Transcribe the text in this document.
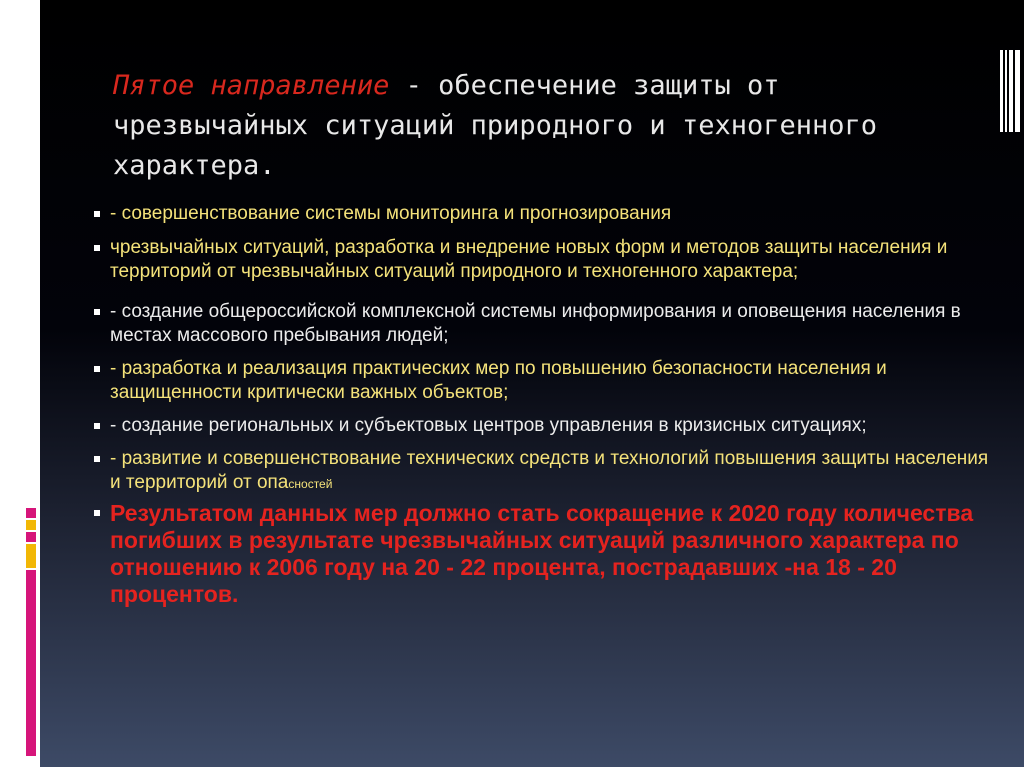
Пятое направление - обеспечение защиты от чрезвычайных ситуаций природного и техногенного характера.
- совершенствование системы мониторинга и прогнозирования
чрезвычайных ситуаций, разработка и внедрение новых форм и методов защиты населения и территорий от чрезвычайных ситуаций природного и техногенного характера;
- создание общероссийской комплексной системы информирования и оповещения населения в местах массового пребывания людей;
- разработка и реализация практических мер по повышению безопасности населения и защищенности критически важных объектов;
- создание региональных и субъектовых центров управления в кризисных ситуациях;
- развитие и совершенствование технических средств и технологий повышения защиты населения и территорий от опасностей
Результатом данных мер должно стать сокращение к 2020 году количества погибших в результате чрезвычайных ситуаций различного характера по отношению к 2006 году на 20 - 22 процента, пострадавших -на 18 - 20 процентов.
